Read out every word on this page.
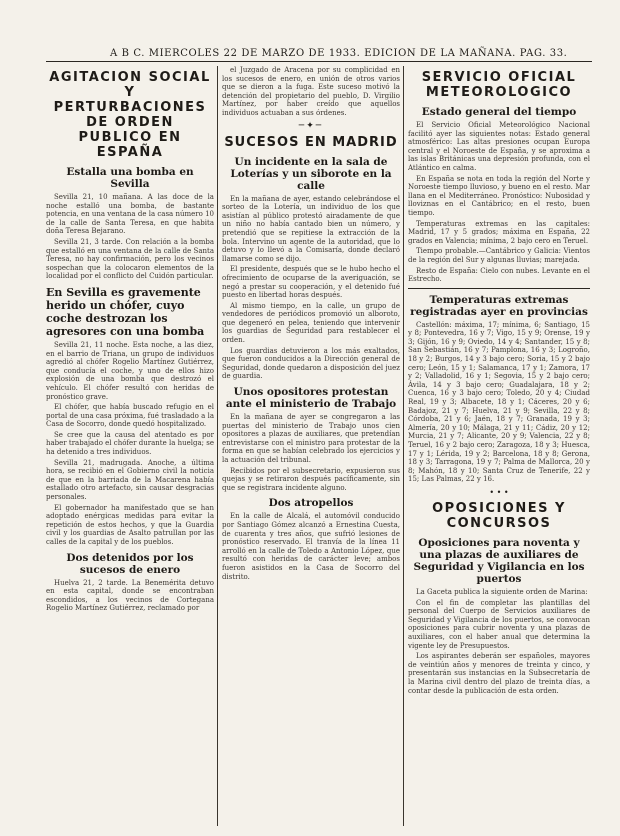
A B C. MIERCOLES 22 DE MARZO DE 1933. EDICION DE LA MAÑANA. PAG. 33.
AGITACION SOCIAL Y PERTURBACIONES DE ORDEN PUBLICO EN ESPAÑA
Estalla una bomba en Sevilla

Sevilla 21, 10 mañana. A las doce de la noche estalló una bomba, de bastante potencia, en una ventana de la casa número 10 de la calle de Santa Teresa, en que habita doña Teresa Bejarano.

Sevilla 21, 3 tarde. Con relación a la bomba que estalló en una ventana de la calle de Santa Teresa, no hay confirmación, pero los vecinos sospechan que la colocaron elementos de la localidad por el conflicto del Cuidón particular.

En Sevilla es gravemente herido un chófer, cuyo coche destrozan los agresores con una bomba

Sevilla 21, 11 noche. Esta noche, a las diez, en el barrio de Triana, un grupo de individuos agredió al chófer Rogelio Martínez Gutiérrez, que conducía el coche, y uno de ellos hizo explosión de una bomba que destrozó el vehículo. El chófer resultó con heridas de pronóstico grave.

El chófer, que había buscado refugio en el portal de una casa próxima, fué trasladado a la Casa de Socorro, donde quedó hospitalizado.

Se cree que la causa del atentado es por haber trabajado el chófer durante la huelga; se ha detenido a tres individuos.

Sevilla 21, madrugada. Anoche, a última hora, se recibió en el Gobierno civil la noticia de que en la barriada de la Macarena había estallado otro artefacto, sin causar desgracias personales.

El gobernador ha manifestado que se han adoptado enérgicas medidas para evitar la repetición de estos hechos, y que la Guardia civil y los guardias de Asalto patrullan por las calles de la capital y de los pueblos.

Dos detenidos por los sucesos de enero

Huelva 21, 2 tarde. La Benemérita detuvo en esta capital, donde se encontraban escondidos, a los vecinos de Cortegana Rogelio Martínez Gutiérrez, reclamado por

el Juzgado de Aracena por su complicidad en los sucesos de enero, en unión de otros varios que se dieron a la fuga. Este suceso motivó la detención del propietario del pueblo, D. Virgilio Martínez, por haber creído que aquellos individuos actuaban a sus órdenes.

─✦─
SUCESOS EN MADRID
Un incidente en la sala de Loterías y un siborote en la calle

En la mañana de ayer, estando celebrándose el sorteo de la Lotería, un individuo de los que asistían al público protestó airadamente de que un niño no había cantado bien un número, y pretendió que se repitiese la extracción de la bola. Intervino un agente de la autoridad, que lo detuvo y lo llevó a la Comisaría, donde declaró llamarse como se dijo.

El presidente, después que se le hubo hecho el ofrecimiento de ocuparse de la averiguación, se negó a prestar su cooperación, y el detenido fué puesto en libertad horas después.

Al mismo tiempo, en la calle, un grupo de vendedores de periódicos promovió un alboroto, que degeneró en pelea, teniendo que intervenir los guardias de Seguridad para restablecer el orden.

Los guardias detuvieron a los más exaltados, que fueron conducidos a la Dirección general de Seguridad, donde quedaron a disposición del juez de guardia.

Unos opositores protestan ante el ministerio de Trabajo

En la mañana de ayer se congregaron a las puertas del ministerio de Trabajo unos cien opositores a plazas de auxiliares, que pretendían entrevistarse con el ministro para protestar de la forma en que se habían celebrado los ejercicios y la actuación del tribunal.

Recibidos por el subsecretario, expusieron sus quejas y se retiraron después pacíficamente, sin que se registrara incidente alguno.

Dos atropellos

En la calle de Alcalá, el automóvil conducido por Santiago Gómez alcanzó a Ernestina Cuesta, de cuarenta y tres años, que sufrió lesiones de pronóstico reservado. El tranvía de la línea 11 arrolló en la calle de Toledo a Antonio López, que resultó con heridas de carácter leve; ambos fueron asistidos en la Casa de Socorro del distrito.

SERVICIO OFICIAL METEOROLOGICO
Estado general del tiempo

El Servicio Oficial Meteorológico Nacional facilitó ayer las siguientes notas: Estado general atmosférico: Las altas presiones ocupan Europa central y el Noroeste de España, y se aproxima a las islas Británicas una depresión profunda, con el Atlántico en calma.

En España se nota en toda la región del Norte y Noroeste tiempo lluvioso, y bueno en el resto. Mar llana en el Mediterráneo. Pronóstico: Nubosidad y lloviznas en el Cantábrico; en el resto, buen tiempo.

Temperaturas extremas en las capitales: Madrid, 17 y 5 grados; máxima en España, 22 grados en Valencia; mínima, 2 bajo cero en Teruel.

Tiempo probable.—Cantábrico y Galicia: Vientos de la región del Sur y algunas lluvias; marejada.

Resto de España: Cielo con nubes. Levante en el Estrecho.

Temperaturas extremas registradas ayer en provincias

Castellón: máxima, 17; mínima, 6; Santiago, 15 y 8; Pontevedra, 16 y 7; Vigo, 15 y 9; Orense, 19 y 3; Gijón, 16 y 9; Oviedo, 14 y 4; Santander, 15 y 8; San Sebastián, 16 y 7; Pamplona, 16 y 3; Logroño, 18 y 2; Burgos, 14 y 3 bajo cero; Soria, 15 y 2 bajo cero; León, 15 y 1; Salamanca, 17 y 1; Zamora, 17 y 2; Valladolid, 16 y 1; Segovia, 15 y 2 bajo cero; Ávila, 14 y 3 bajo cero; Guadalajara, 18 y 2; Cuenca, 16 y 3 bajo cero; Toledo, 20 y 4; Ciudad Real, 19 y 3; Albacete, 18 y 1; Cáceres, 20 y 6; Badajoz, 21 y 7; Huelva, 21 y 9; Sevilla, 22 y 8; Córdoba, 21 y 6; Jaén, 18 y 7; Granada, 19 y 3; Almería, 20 y 10; Málaga, 21 y 11; Cádiz, 20 y 12; Murcia, 21 y 7; Alicante, 20 y 9; Valencia, 22 y 8; Teruel, 16 y 2 bajo cero; Zaragoza, 18 y 3; Huesca, 17 y 1; Lérida, 19 y 2; Barcelona, 18 y 8; Gerona, 18 y 3; Tarragona, 19 y 7; Palma de Mallorca, 20 y 8; Mahón, 18 y 10; Santa Cruz de Tenerife, 22 y 15; Las Palmas, 22 y 16.

• • •
OPOSICIONES Y CONCURSOS
Oposiciones para noventa y una plazas de auxiliares de Seguridad y Vigilancia en los puertos

La Gaceta publica la siguiente orden de Marina:

Con el fin de completar las plantillas del personal del Cuerpo de Servicios auxiliares de Seguridad y Vigilancia de los puertos, se convocan oposiciones para cubrir noventa y una plazas de auxiliares, con el haber anual que determina la vigente ley de Presupuestos.

Los aspirantes deberán ser españoles, mayores de veintiún años y menores de treinta y cinco, y presentarán sus instancias en la Subsecretaría de la Marina civil dentro del plazo de treinta días, a contar desde la publicación de esta orden.
